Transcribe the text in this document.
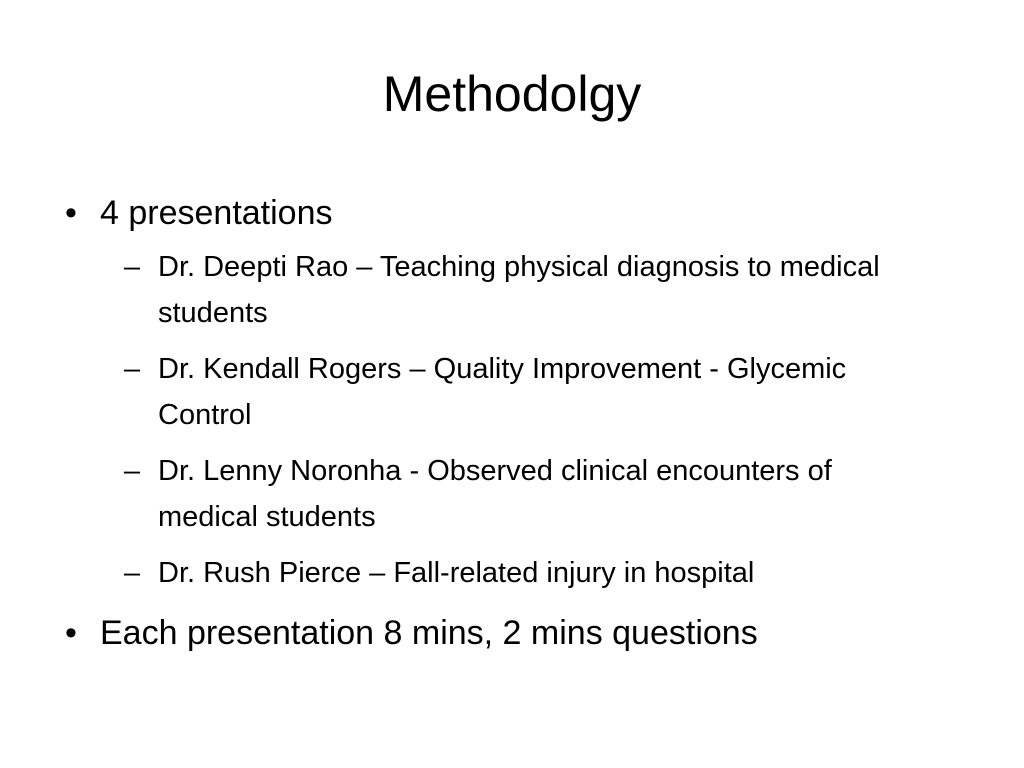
Methodolgy
• 4 presentations
– Dr. Deepti Rao – Teaching physical diagnosis to medical students
– Dr. Kendall Rogers – Quality Improvement - Glycemic Control
– Dr. Lenny Noronha - Observed clinical encounters of medical students
– Dr. Rush Pierce – Fall-related injury in hospital
• Each presentation 8 mins, 2 mins questions
